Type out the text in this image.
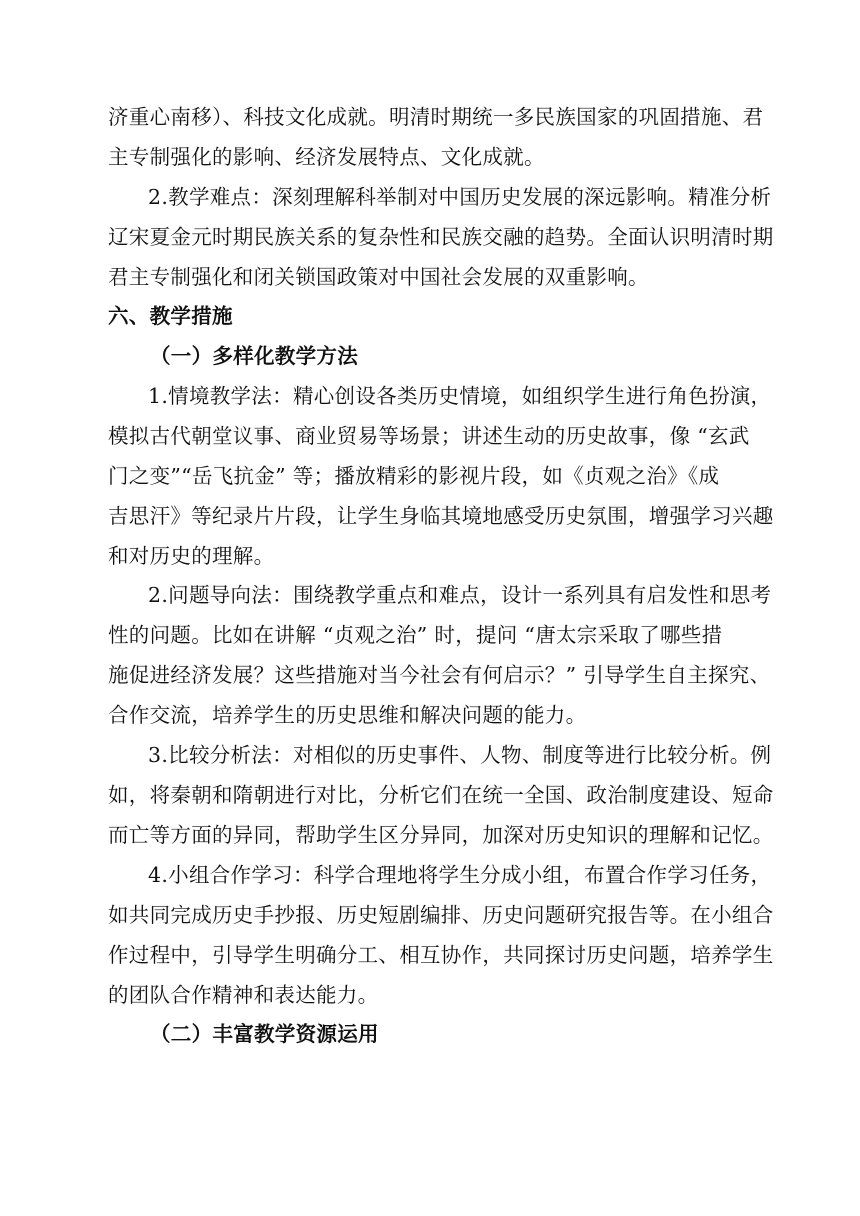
济重心南移）、科技文化成就。明清时期统一多民族国家的巩固措施、君
主专制强化的影响、经济发展特点、文化成就。
2.教学难点：深刻理解科举制对中国历史发展的深远影响。精准分析
辽宋夏金元时期民族关系的复杂性和民族交融的趋势。全面认识明清时期
君主专制强化和闭关锁国政策对中国社会发展的双重影响。
六、教学措施
（一）多样化教学方法
1.情境教学法：精心创设各类历史情境，如组织学生进行角色扮演，
模拟古代朝堂议事、商业贸易等场景；讲述生动的历史故事，像 “玄武
门之变”“岳飞抗金” 等；播放精彩的影视片段，如《贞观之治》《成
吉思汗》等纪录片片段，让学生身临其境地感受历史氛围，增强学习兴趣
和对历史的理解。
2.问题导向法：围绕教学重点和难点，设计一系列具有启发性和思考
性的问题。比如在讲解 “贞观之治” 时，提问 “唐太宗采取了哪些措
施促进经济发展？这些措施对当今社会有何启示？” 引导学生自主探究、
合作交流，培养学生的历史思维和解决问题的能力。
3.比较分析法：对相似的历史事件、人物、制度等进行比较分析。例
如，将秦朝和隋朝进行对比，分析它们在统一全国、政治制度建设、短命
而亡等方面的异同，帮助学生区分异同，加深对历史知识的理解和记忆。
4.小组合作学习：科学合理地将学生分成小组，布置合作学习任务，
如共同完成历史手抄报、历史短剧编排、历史问题研究报告等。在小组合
作过程中，引导学生明确分工、相互协作，共同探讨历史问题，培养学生
的团队合作精神和表达能力。
（二）丰富教学资源运用
